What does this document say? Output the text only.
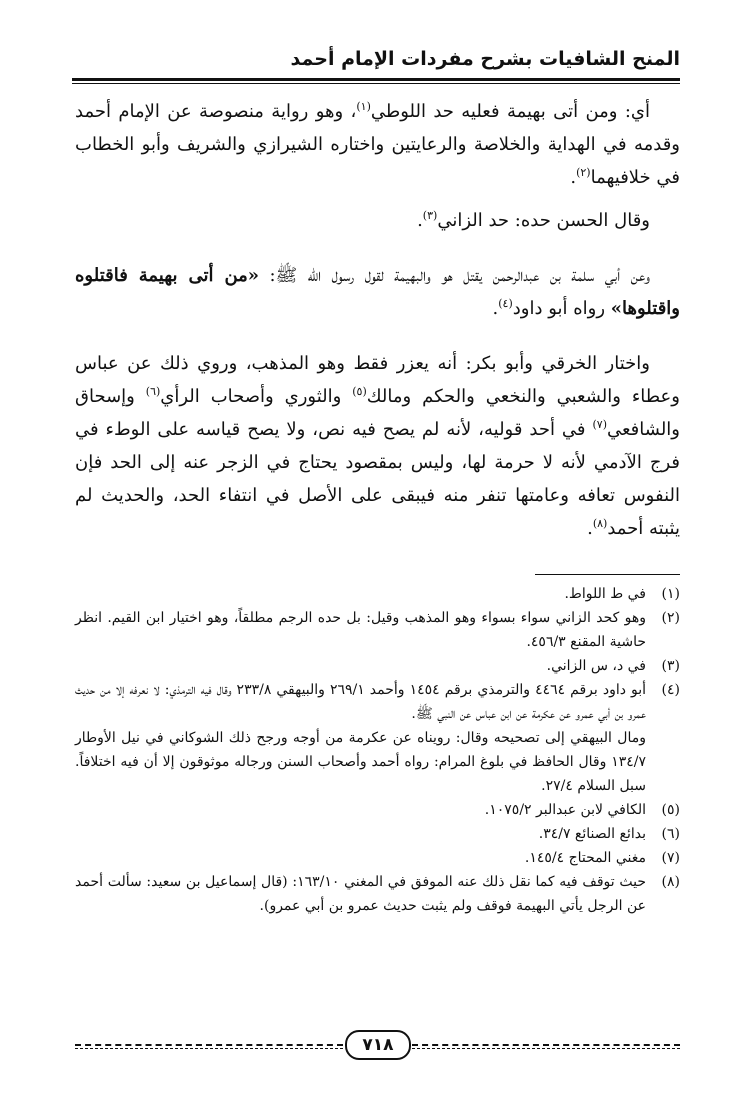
المنح الشافيات بشرح مفردات الإمام أحمد

أي: ومن أتى بهيمة فعليه حد اللوطي$^{(١)}$، وهو رواية منصوصة عن الإمام أحمد وقدمه في الهداية والخلاصة والرعايتين واختاره الشيرازي والشريف وأبو الخطاب في خلافيهما$^{(٢)}$.

وقال الحسن حده: حد الزاني$^{(٣)}$.

وعن أبي سلمة بن عبدالرحمن يقتل هو والبهيمة لقول رسول الله ﷺ: «من أتى بهيمة فاقتلوه واقتلوها» رواه أبو داود$^{(٤)}$.

واختار الخرقي وأبو بكر: أنه يعزر فقط وهو المذهب، وروي ذلك عن عباس وعطاء والشعبي والنخعي والحكم ومالك$^{(٥)}$ والثوري وأصحاب الرأي$^{(٦)}$ وإسحاق والشافعي$^{(٧)}$ في أحد قوليه، لأنه لم يصح فيه نص، ولا يصح قياسه على الوطء في فرج الآدمي لأنه لا حرمة لها، وليس بمقصود يحتاج في الزجر عنه إلى الحد فإن النفوس تعافه وعامتها تنفر منه فيبقى على الأصل في انتفاء الحد، والحديث لم يثبته أحمد$^{(٨)}$.

(١)
في ط اللواط.
(٢)
وهو كحد الزاني سواء بسواء وهو المذهب وقيل: بل حده الرجم مطلقاً، وهو اختيار ابن القيم. انظر حاشية المقنع ٤٥٦/٣.
(٣)
في د، س الزاني.
(٤)
أبو داود برقم ٤٤٦٤ والترمذي برقم ١٤٥٤ وأحمد ٢٦٩/١ والبيهقي ٢٣٣/٨ وقال فيه الترمذي: لا نعرفه إلا من حديث عمرو بن أبي عمرو عن عكرمة عن ابن عباس عن النبي ﷺ.
ومال البيهقي إلى تصحيحه وقال: رويناه عن عكرمة من أوجه ورجح ذلك الشوكاني في نيل الأوطار ١٣٤/٧ وقال الحافظ في بلوغ المرام: رواه أحمد وأصحاب السنن ورجاله موثوقون إلا أن فيه اختلافاً. سبل السلام ٢٧/٤.
(٥)
الكافي لابن عبدالبر ١٠٧٥/٢.
(٦)
بدائع الصنائع ٣٤/٧.
(٧)
مغني المحتاج ١٤٥/٤.
(٨)
حيث توقف فيه كما نقل ذلك عنه الموفق في المغني ١٦٣/١٠: (قال إسماعيل بن سعيد: سألت أحمد عن الرجل يأتي البهيمة فوقف ولم يثبت حديث عمرو بن أبي عمرو).
٧١٨
